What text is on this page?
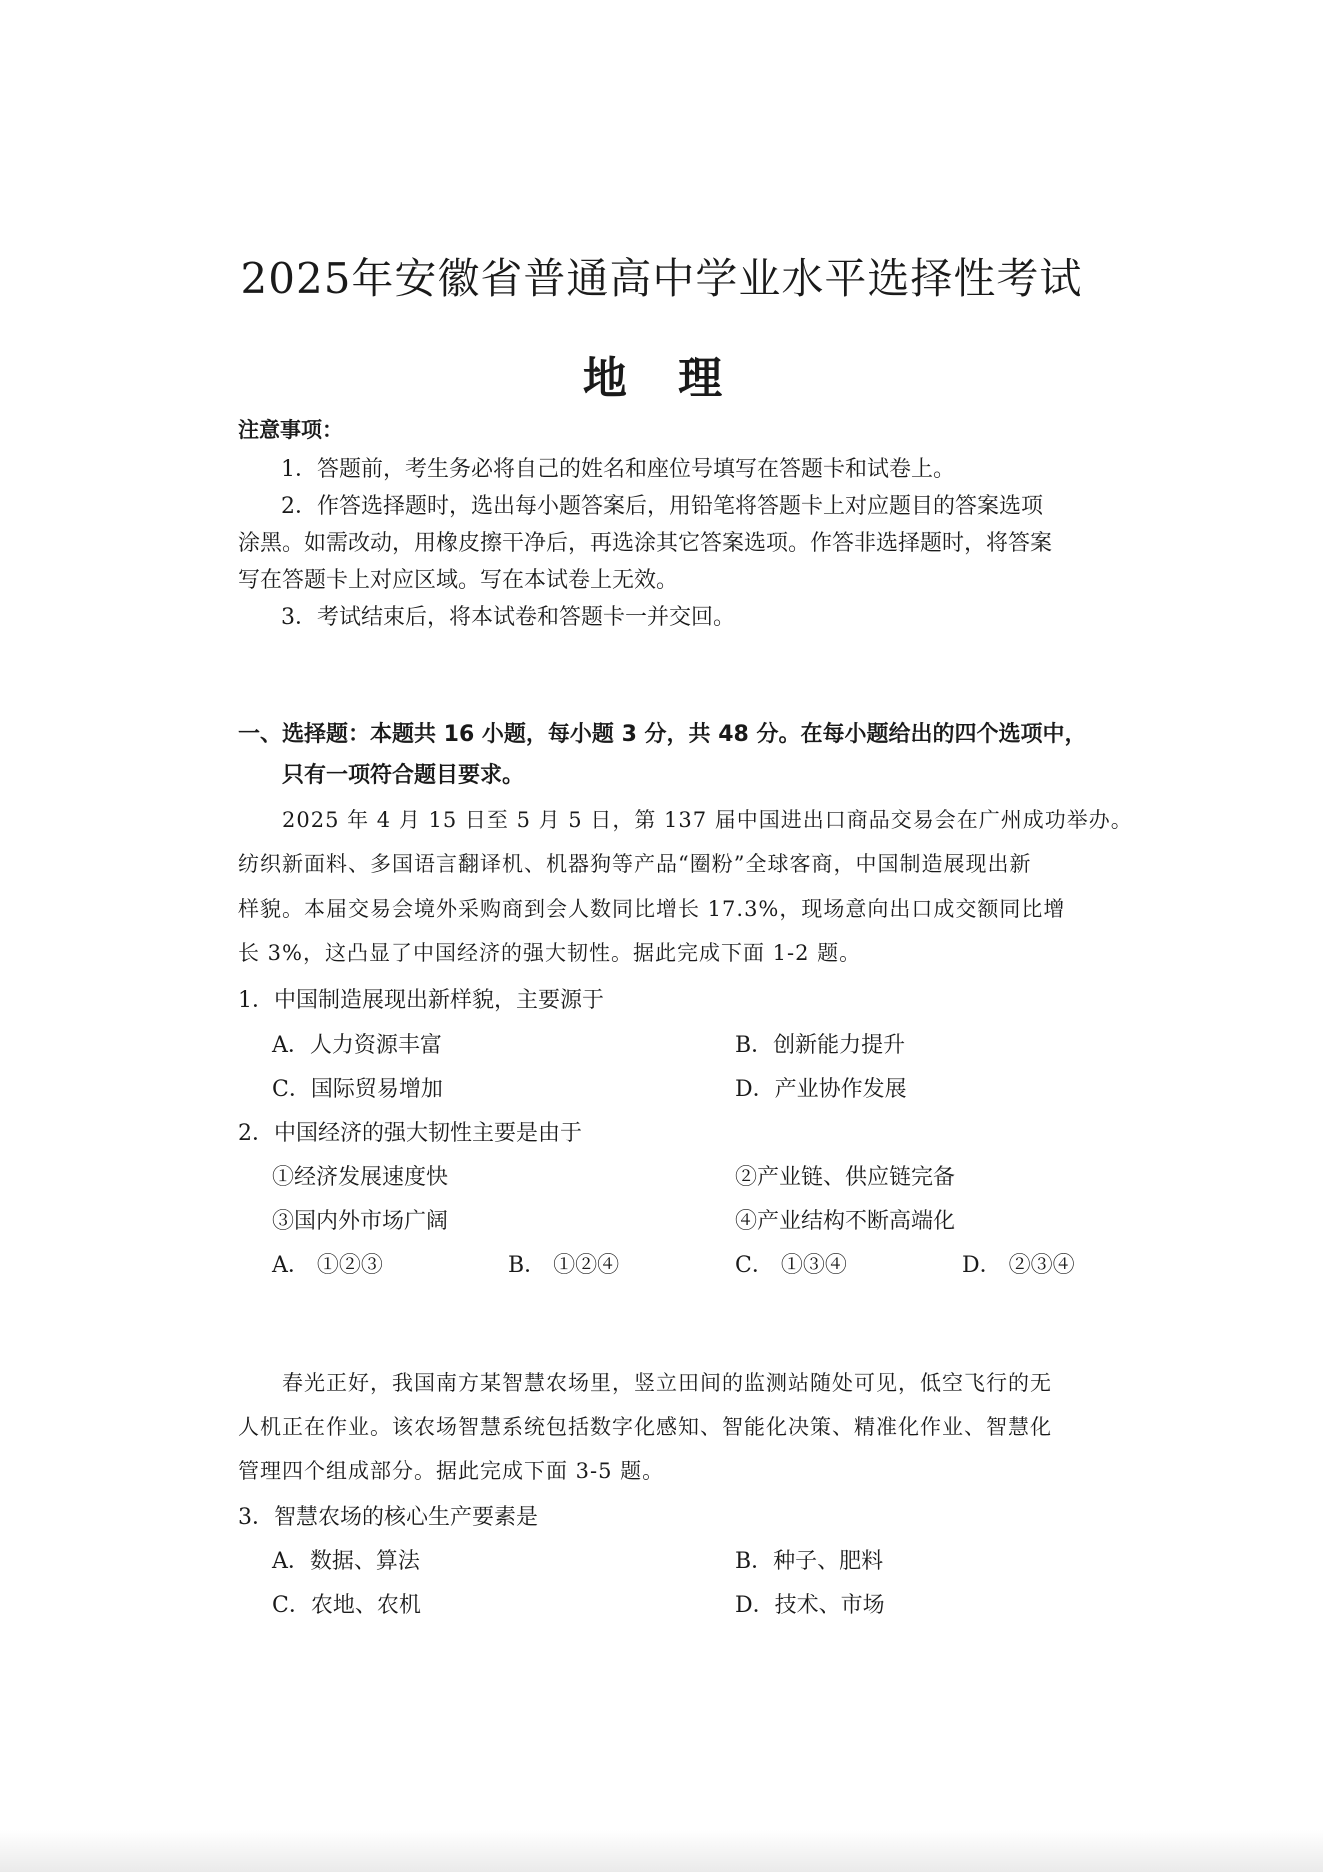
2025年安徽省普通高中学业水平选择性考试
地 理
注意事项：
1．答题前，考生务必将自己的姓名和座位号填写在答题卡和试卷上。
2．作答选择题时，选出每小题答案后，用铅笔将答题卡上对应题目的答案选项
涂黑。如需改动，用橡皮擦干净后，再选涂其它答案选项。作答非选择题时，将答案
写在答题卡上对应区域。写在本试卷上无效。
3．考试结束后，将本试卷和答题卡一并交回。
一、选择题：本题共 16 小题，每小题 3 分，共 48 分。在每小题给出的四个选项中，
只有一项符合题目要求。
2025 年 4 月 15 日至 5 月 5 日，第 137 届中国进出口商品交易会在广州成功举办。
纺织新面料、多国语言翻译机、机器狗等产品“圈粉”全球客商，中国制造展现出新
样貌。本届交易会境外采购商到会人数同比增长 17.3%，现场意向出口成交额同比增
长 3%，这凸显了中国经济的强大韧性。据此完成下面 1-2 题。
1．中国制造展现出新样貌，主要源于
A．人力资源丰富	B．创新能力提升
C．国际贸易增加	D．产业协作发展
2．中国经济的强大韧性主要是由于
①经济发展速度快	②产业链、供应链完备
③国内外市场广阔	④产业结构不断高端化
A． ①②③	B． ①②④	C． ①③④	D． ②③④
春光正好，我国南方某智慧农场里，竖立田间的监测站随处可见，低空飞行的无
人机正在作业。该农场智慧系统包括数字化感知、智能化决策、精准化作业、智慧化
管理四个组成部分。据此完成下面 3-5 题。
3．智慧农场的核心生产要素是
A．数据、算法	B．种子、肥料
C．农地、农机	D．技术、市场
